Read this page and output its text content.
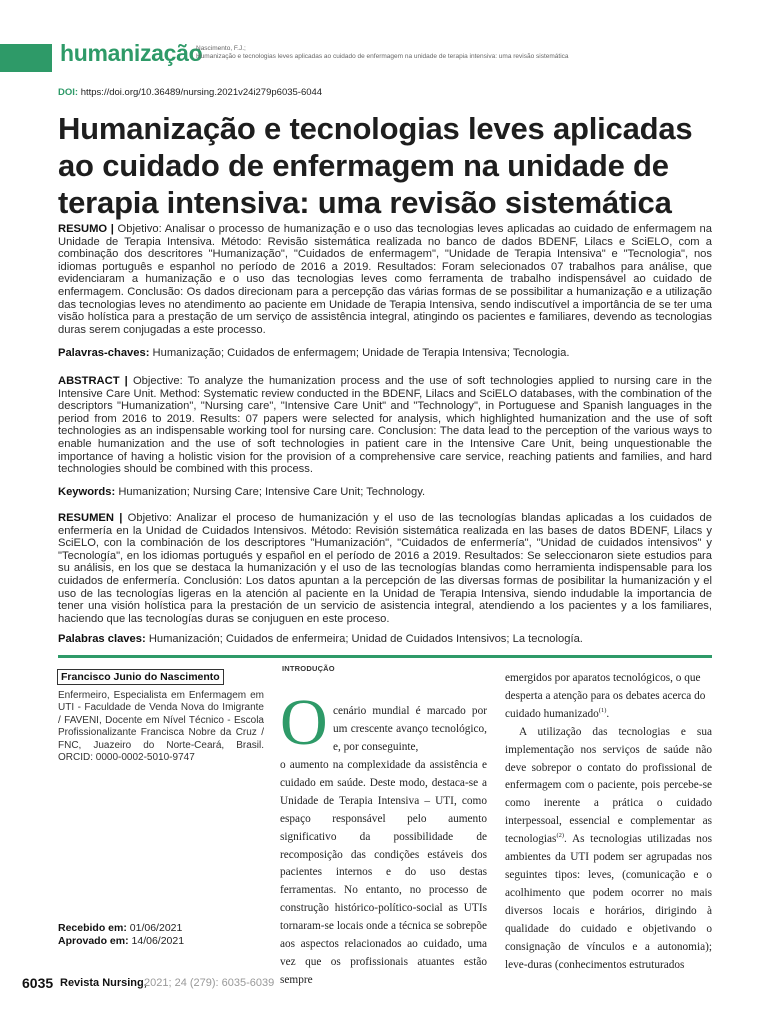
humanização
Nascimento, F.J.;
Humanização e tecnologias leves aplicadas ao cuidado de enfermagem na unidade de terapia intensiva: uma revisão sistemática
DOI: https://doi.org/10.36489/nursing.2021v24i279p6035-6044
Humanização e tecnologias leves aplicadas ao cuidado de enfermagem na unidade de terapia intensiva: uma revisão sistemática
RESUMO | Objetivo: Analisar o processo de humanização e o uso das tecnologias leves aplicadas ao cuidado de enfermagem na Unidade de Terapia Intensiva. Método: Revisão sistemática realizada no banco de dados BDENF, Lilacs e SciELO, com a combinação dos descritores "Humanização", "Cuidados de enfermagem", "Unidade de Terapia Intensiva" e "Tecnologia", nos idiomas português e espanhol no período de 2016 a 2019. Resultados: Foram selecionados 07 trabalhos para análise, que evidenciaram a humanização e o uso das tecnologias leves como ferramenta de trabalho indispensável ao cuidado de enfermagem. Conclusão: Os dados direcionam para a percepção das várias formas de se possibilitar a humanização e a utilização das tecnologias leves no atendimento ao paciente em Unidade de Terapia Intensiva, sendo indiscutível a importância de se ter uma visão holística para a prestação de um serviço de assistência integral, atingindo os pacientes e familiares, devendo as tecnologias duras serem conjugadas a este processo.
Palavras-chaves: Humanização; Cuidados de enfermagem; Unidade de Terapia Intensiva; Tecnologia.
ABSTRACT | Objective: To analyze the humanization process and the use of soft technologies applied to nursing care in the Intensive Care Unit. Method: Systematic review conducted in the BDENF, Lilacs and SciELO databases, with the combination of the descriptors "Humanization", "Nursing care", "Intensive Care Unit" and "Technology", in Portuguese and Spanish languages in the period from 2016 to 2019. Results: 07 papers were selected for analysis, which highlighted humanization and the use of soft technologies as an indispensable working tool for nursing care. Conclusion: The data lead to the perception of the various ways to enable humanization and the use of soft technologies in patient care in the Intensive Care Unit, being unquestionable the importance of having a holistic vision for the provision of a comprehensive care service, reaching patients and families, and hard technologies should be combined with this process.
Keywords: Humanization; Nursing Care; Intensive Care Unit; Technology.
RESUMEN | Objetivo: Analizar el proceso de humanización y el uso de las tecnologías blandas aplicadas a los cuidados de enfermería en la Unidad de Cuidados Intensivos. Método: Revisión sistemática realizada en las bases de datos BDENF, Lilacs y SciELO, con la combinación de los descriptores "Humanización", "Cuidados de enfermería", "Unidad de cuidados intensivos" y "Tecnología", en los idiomas portugués y español en el período de 2016 a 2019. Resultados: Se seleccionaron siete estudios para su análisis, en los que se destaca la humanización y el uso de las tecnologías blandas como herramienta indispensable para los cuidados de enfermería. Conclusión: Los datos apuntan a la percepción de las diversas formas de posibilitar la humanización y el uso de las tecnologías ligeras en la atención al paciente en la Unidad de Terapia Intensiva, siendo indudable la importancia de tener una visión holística para la prestación de un servicio de asistencia integral, atendiendo a los pacientes y a los familiares, haciendo que las tecnologías duras se conjuguen en este proceso.
Palabras claves: Humanización; Cuidados de enfermeira; Unidad de Cuidados Intensivos; La tecnología.
Francisco Junio do Nascimento
Enfermeiro, Especialista em Enfermagem em UTI - Faculdade de Venda Nova do Imigrante / FAVENI, Docente em Nível Técnico - Escola Profissionalizante Francisca Nobre da Cruz / FNC, Juazeiro do Norte-Ceará, Brasil. ORCID: 0000-0002-5010-9747
Recebido em: 01/06/2021
Aprovado em: 14/06/2021
INTRODUÇÃO
O cenário mundial é marcado por um crescente avanço tecnológico, e, por conseguinte,
o aumento na complexidade da assistência e cuidado em saúde. Deste modo, destaca-se a Unidade de Terapia Intensiva – UTI, como espaço responsável pelo aumento significativo da possibilidade de recomposição das condições estáveis dos pacientes internos e do uso destas ferramentas. No entanto, no processo de construção histórico-político-social as UTIs tornaram-se locais onde a técnica se sobrepõe aos aspectos relacionados ao cuidado, uma vez que os profissionais atuantes estão sempre
emergidos por aparatos tecnológicos, o que desperta a atenção para os debates acerca do cuidado humanizado$^{(1)}$.
A utilização das tecnologias e sua implementação nos serviços de saúde não deve sobrepor o contato do profissional de enfermagem com o paciente, pois percebe-se como inerente a prática o cuidado interpessoal, essencial e complementar as tecnologias$^{(2)}$. As tecnologias utilizadas nos ambientes da UTI podem ser agrupadas nos seguintes tipos: leves, (comunicação e o acolhimento que podem ocorrer no mais diversos locais e horários, dirigindo à qualidade do cuidado e objetivando o consignação de vínculos e a autonomia); leve-duras (conhecimentos estruturados
6035 Revista Nursing,
2021; 24 (279): 6035-6039
